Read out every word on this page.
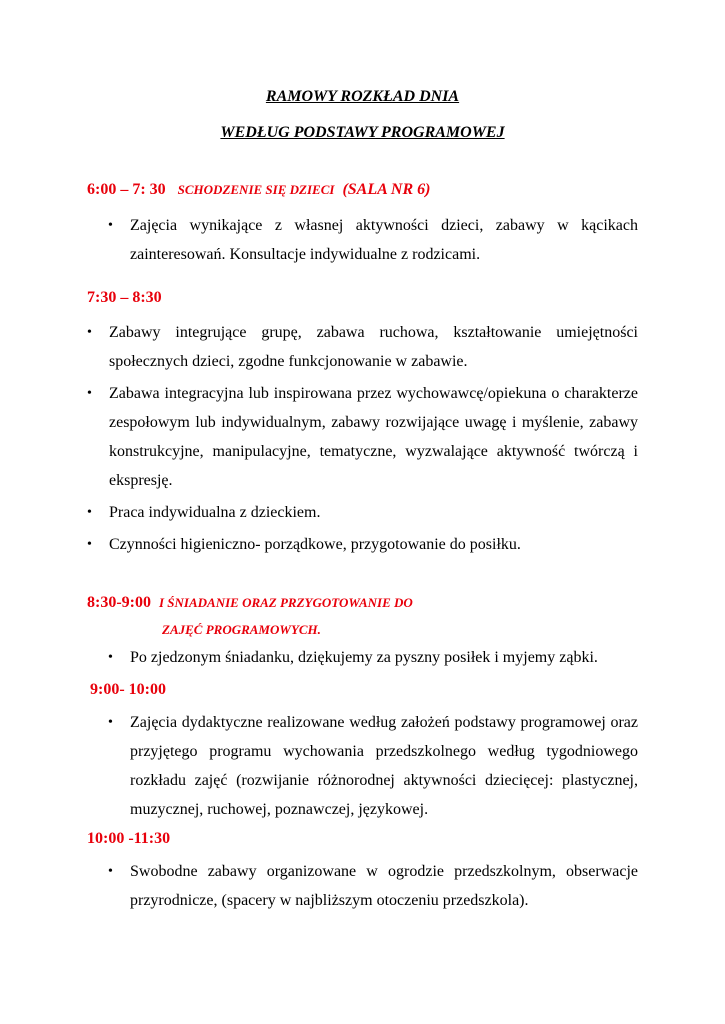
RAMOWY ROZKŁAD DNIA
WEDŁUG PODSTAWY PROGRAMOWEJ
6:00 – 7: 30 SCHODZENIE SIĘ DZIECI (SALA NR 6)
• Zajęcia wynikające z własnej aktywności dzieci, zabawy w kącikach zainteresowań. Konsultacje indywidualne z rodzicami.
7:30 – 8:30
• Zabawy integrujące grupę, zabawa ruchowa, kształtowanie umiejętności społecznych dzieci, zgodne funkcjonowanie w zabawie.
• Zabawa integracyjna lub inspirowana przez wychowawcę/opiekuna o charakterze zespołowym lub indywidualnym, zabawy rozwijające uwagę i myślenie, zabawy konstrukcyjne, manipulacyjne, tematyczne, wyzwalające aktywność twórczą i ekspresję.
• Praca indywidualna z dzieckiem.
• Czynności higieniczno- porządkowe, przygotowanie do posiłku.
8:30-9:00 I ŚNIADANIE ORAZ PRZYGOTOWANIE DO
ZAJĘĆ PROGRAMOWYCH.
• Po zjedzonym śniadanku, dziękujemy za pyszny posiłek i myjemy ząbki.
9:00- 10:00
• Zajęcia dydaktyczne realizowane według założeń podstawy programowej oraz przyjętego programu wychowania przedszkolnego według tygodniowego rozkładu zajęć (rozwijanie różnorodnej aktywności dziecięcej: plastycznej, muzycznej, ruchowej, poznawczej, językowej.
10:00 -11:30
• Swobodne zabawy organizowane w ogrodzie przedszkolnym, obserwacje przyrodnicze, (spacery w najbliższym otoczeniu przedszkola).
